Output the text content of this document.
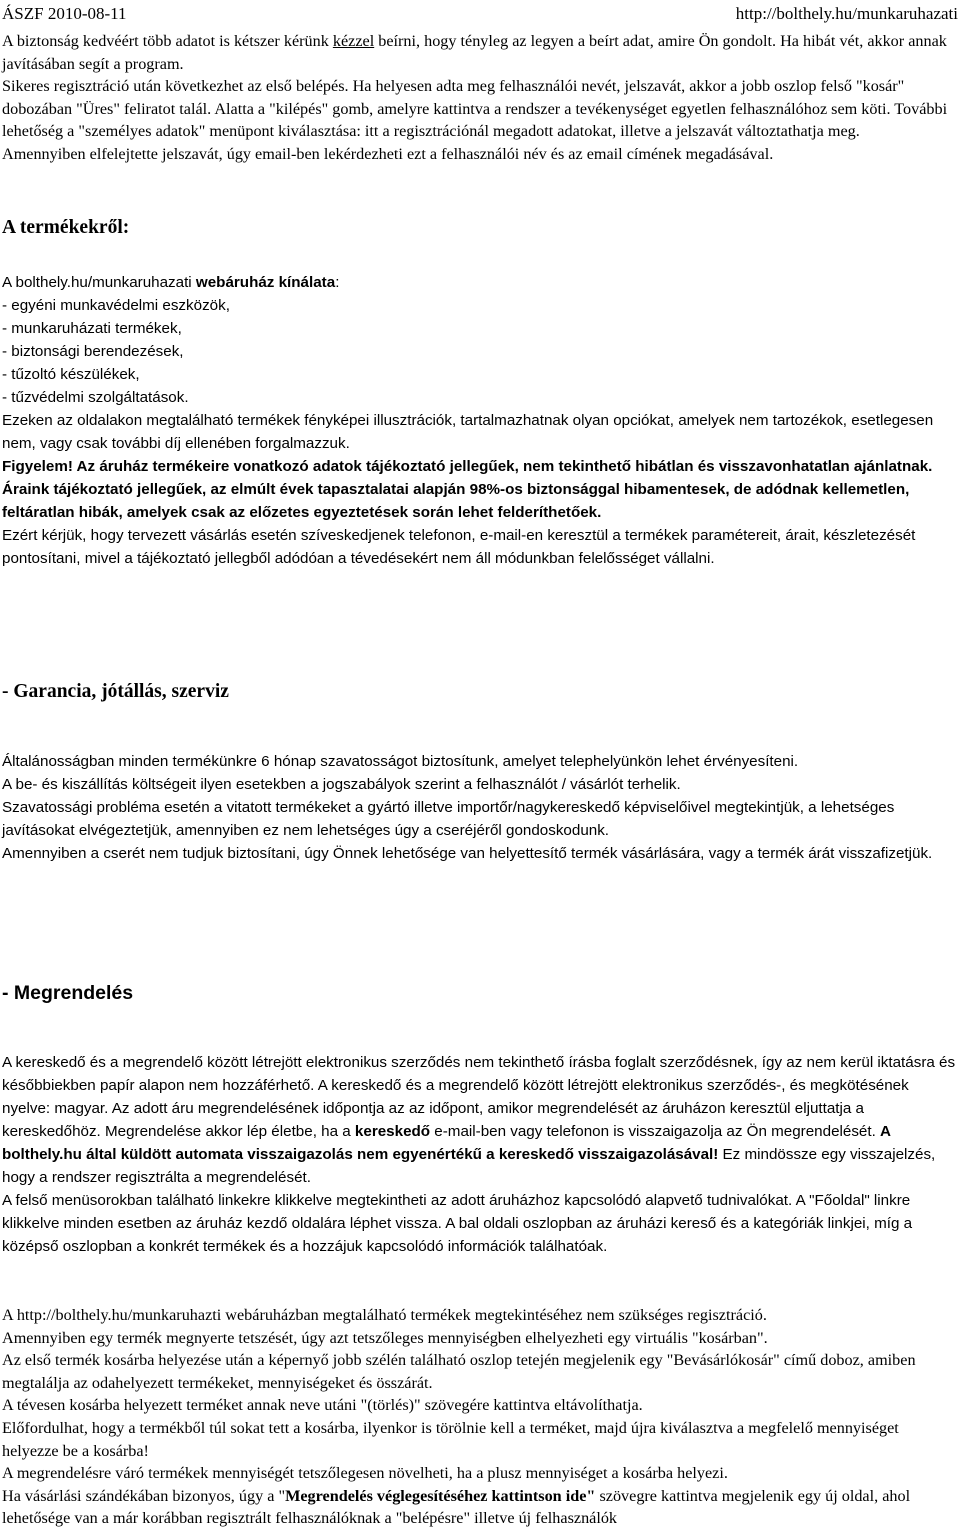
ÁSZF 2010-08-11	http://bolthely.hu/munkaruhazati

A biztonság kedvéért több adatot is kétszer kérünk kézzel beírni, hogy tényleg az legyen a beírt adat, amire Ön gondolt. Ha hibát vét, akkor annak javításában segít a program.

Sikeres regisztráció után következhet az első belépés. Ha helyesen adta meg felhasználói nevét, jelszavát, akkor a jobb oszlop felső "kosár" dobozában "Üres" feliratot talál. Alatta a "kilépés" gomb, amelyre kattintva a rendszer a tevékenységet egyetlen felhasználóhoz sem köti. További lehetőség a "személyes adatok" menüpont kiválasztása: itt a regisztrációnál megadott adatokat, illetve a jelszavát változtathatja meg.

Amennyiben elfelejtette jelszavát, úgy email-ben lekérdezheti ezt a felhasználói név és az email címének megadásával.

A termékekről:

A bolthely.hu/munkaruhazati webáruház kínálata:

- egyéni munkavédelmi eszközök,
- munkaruházati termékek,
- biztonsági berendezések,
- tűzoltó készülékek,
- tűzvédelmi szolgáltatások.

Ezeken az oldalakon megtalálható termékek fényképei illusztrációk, tartalmazhatnak olyan opciókat, amelyek nem tartozékok, esetlegesen nem, vagy csak további díj ellenében forgalmazzuk.

Figyelem! Az áruház termékeire vonatkozó adatok tájékoztató jellegűek, nem tekinthető hibátlan és visszavonhatatlan ajánlatnak.

Áraink tájékoztató jellegűek, az elmúlt évek tapasztalatai alapján 98%-os biztonsággal hibamentesek, de adódnak kellemetlen, feltáratlan hibák, amelyek csak az előzetes egyeztetések során lehet felderíthetőek.

Ezért kérjük, hogy tervezett vásárlás esetén szíveskedjenek telefonon, e-mail-en keresztül a termékek paramétereit, árait, készletezését pontosítani, mivel a tájékoztató jellegből adódóan a tévedésekért nem áll módunkban felelősséget vállalni.

- Garancia, jótállás, szerviz

Általánosságban minden termékünkre 6 hónap szavatosságot biztosítunk, amelyet telephelyünkön lehet érvényesíteni.

A be- és kiszállítás költségeit ilyen esetekben a jogszabályok szerint a felhasználót / vásárlót terhelik.

Szavatossági probléma esetén a vitatott termékeket a gyártó illetve importőr/nagykereskedő képviselőivel megtekintjük, a lehetséges javításokat elvégeztetjük, amennyiben ez nem lehetséges úgy a cseréjéről gondoskodunk.

Amennyiben a cserét nem tudjuk biztosítani, úgy Önnek lehetősége van helyettesítő termék vásárlására, vagy a termék árát visszafizetjük.

- Megrendelés

A kereskedő és a megrendelő között létrejött elektronikus szerződés nem tekinthető írásba foglalt szerződésnek, így az nem kerül iktatásra és későbbiekben papír alapon nem hozzáférhető. A kereskedő és a megrendelő között létrejött elektronikus szerződés-, és megkötésének nyelve: magyar. Az adott áru megrendelésének időpontja az az időpont, amikor megrendelését az áruházon keresztül eljuttatja a kereskedőhöz. Megrendelése akkor lép életbe, ha a kereskedő e-mail-ben vagy telefonon is visszaigazolja az Ön megrendelését. A bolthely.hu által küldött automata visszaigazolás nem egyenértékű a kereskedő visszaigazolásával! Ez mindössze egy visszajelzés, hogy a rendszer regisztrálta a megrendelését.

A felső menüsorokban található linkekre klikkelve megtekintheti az adott áruházhoz kapcsolódó alapvető tudnivalókat. A "Főoldal" linkre klikkelve minden esetben az áruház kezdő oldalára léphet vissza. A bal oldali oszlopban az áruházi kereső és a kategóriák linkjei, míg a középső oszlopban a konkrét termékek és a hozzájuk kapcsolódó információk találhatóak.

A http://bolthely.hu/munkaruhazti webáruházban megtalálható termékek megtekintéséhez nem szükséges regisztráció.

Amennyiben egy termék megnyerte tetszését, úgy azt tetszőleges mennyiségben elhelyezheti egy virtuális "kosárban".

Az első termék kosárba helyezése után a képernyő jobb szélén található oszlop tetején megjelenik egy "Bevásárlókosár" című doboz, amiben megtalálja az odahelyezett termékeket, mennyiségeket és összárát.

A tévesen kosárba helyezett terméket annak neve utáni "(törlés)" szövegére kattintva eltávolíthatja.

Előfordulhat, hogy a termékből túl sokat tett a kosárba, ilyenkor is törölnie kell a terméket, majd újra kiválasztva a megfelelő mennyiséget helyezze be a kosárba!

A megrendelésre váró termékek mennyiségét tetszőlegesen növelheti, ha a plusz mennyiséget a kosárba helyezi.

Ha vásárlási szándékában bizonyos, úgy a "Megrendelés véglegesítéséhez kattintson ide" szövegre kattintva megjelenik egy új oldal, ahol lehetősége van a már korábban regisztrált felhasználóknak a "belépésre" illetve új felhasználók
